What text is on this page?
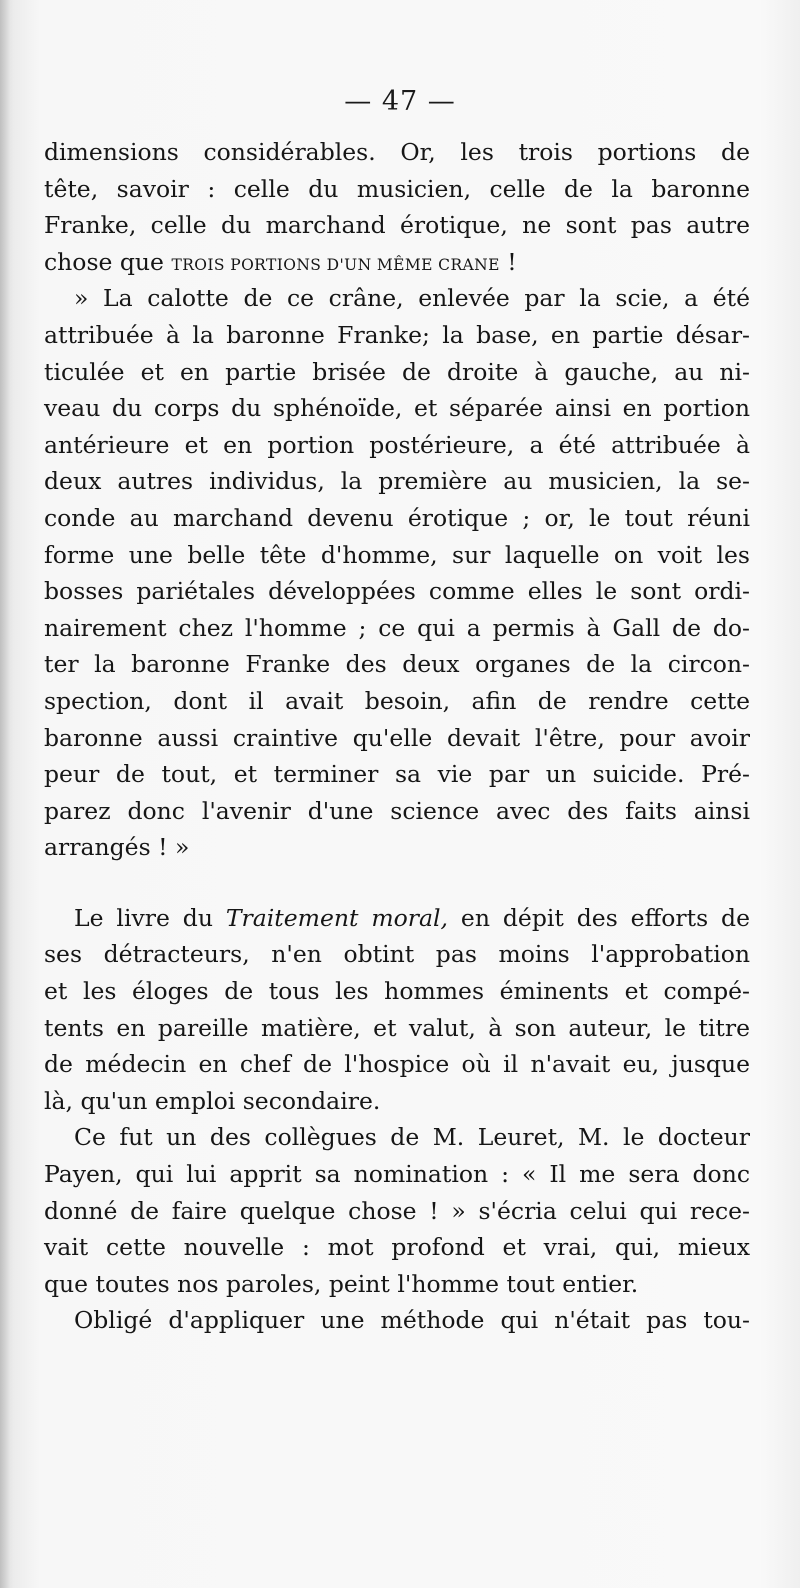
— 47 —

dimensions considérables. Or, les trois portions de
tête, savoir : celle du musicien, celle de la baronne
Franke, celle du marchand érotique, ne sont pas autre
chose que TROIS PORTIONS D'UN MÊME CRANE !

» La calotte de ce crâne, enlevée par la scie, a été
attribuée à la baronne Franke; la base, en partie désar-
ticulée et en partie brisée de droite à gauche, au ni-
veau du corps du sphénoïde, et séparée ainsi en portion
antérieure et en portion postérieure, a été attribuée à
deux autres individus, la première au musicien, la se-
conde au marchand devenu érotique ; or, le tout réuni
forme une belle tête d'homme, sur laquelle on voit les
bosses pariétales développées comme elles le sont ordi-
nairement chez l'homme ; ce qui a permis à Gall de do-
ter la baronne Franke des deux organes de la circon-
spection, dont il avait besoin, afin de rendre cette
baronne aussi craintive qu'elle devait l'être, pour avoir
peur de tout, et terminer sa vie par un suicide. Pré-
parez donc l'avenir d'une science avec des faits ainsi
arrangés ! »

Le livre du Traitement moral, en dépit des efforts de
ses détracteurs, n'en obtint pas moins l'approbation
et les éloges de tous les hommes éminents et compé-
tents en pareille matière, et valut, à son auteur, le titre
de médecin en chef de l'hospice où il n'avait eu, jusque
là, qu'un emploi secondaire.

Ce fut un des collègues de M. Leuret, M. le docteur
Payen, qui lui apprit sa nomination : « Il me sera donc
donné de faire quelque chose ! » s'écria celui qui rece-
vait cette nouvelle : mot profond et vrai, qui, mieux
que toutes nos paroles, peint l'homme tout entier.

Obligé d'appliquer une méthode qui n'était pas tou-
